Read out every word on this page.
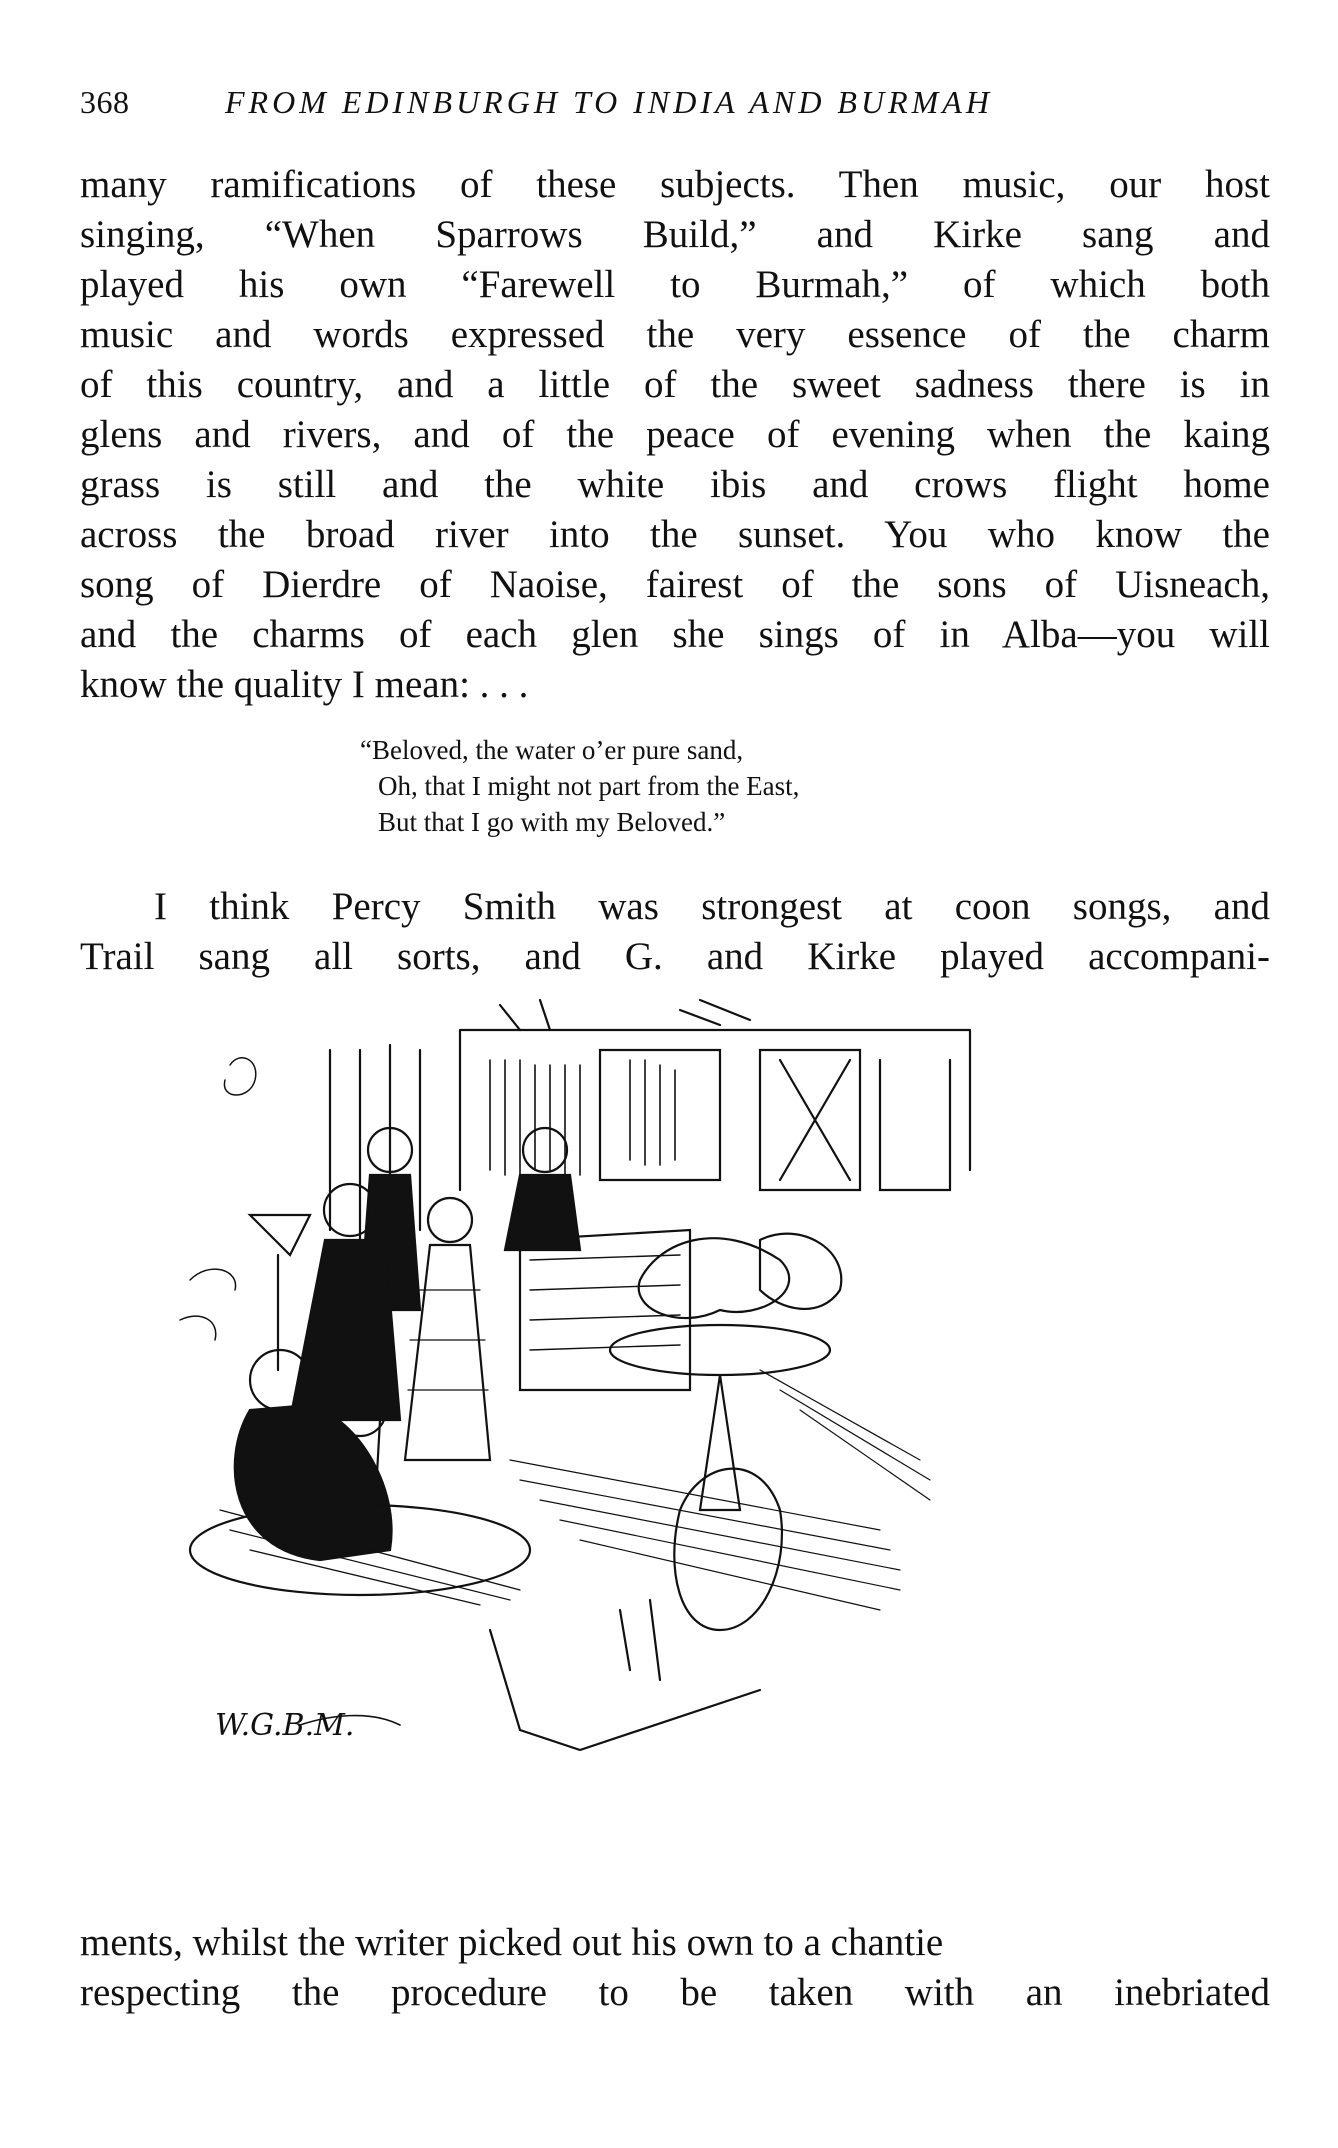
368	FROM EDINBURGH TO INDIA AND BURMAH
many ramifications of these subjects. Then music, our host
singing, “When Sparrows Build,” and Kirke sang and
played his own “Farewell to Burmah,” of which both
music and words expressed the very essence of the charm
of this country, and a little of the sweet sadness there is in
glens and rivers, and of the peace of evening when the kaing
grass is still and the white ibis and crows flight home
across the broad river into the sunset. You who know the
song of Dierdre of Naoise, fairest of the sons of Uisneach,
and the charms of each glen she sings of in Alba—you will
know the quality I mean: . . .
“Beloved, the water o’er pure sand,
Oh, that I might not part from the East,
But that I go with my Beloved.”
I think Percy Smith was strongest at coon songs, and
Trail sang all sorts, and G. and Kirke played accompani-
W.G.B.M.
ments, whilst the writer picked out his own to a chantie
respecting the procedure to be taken with an inebriated
